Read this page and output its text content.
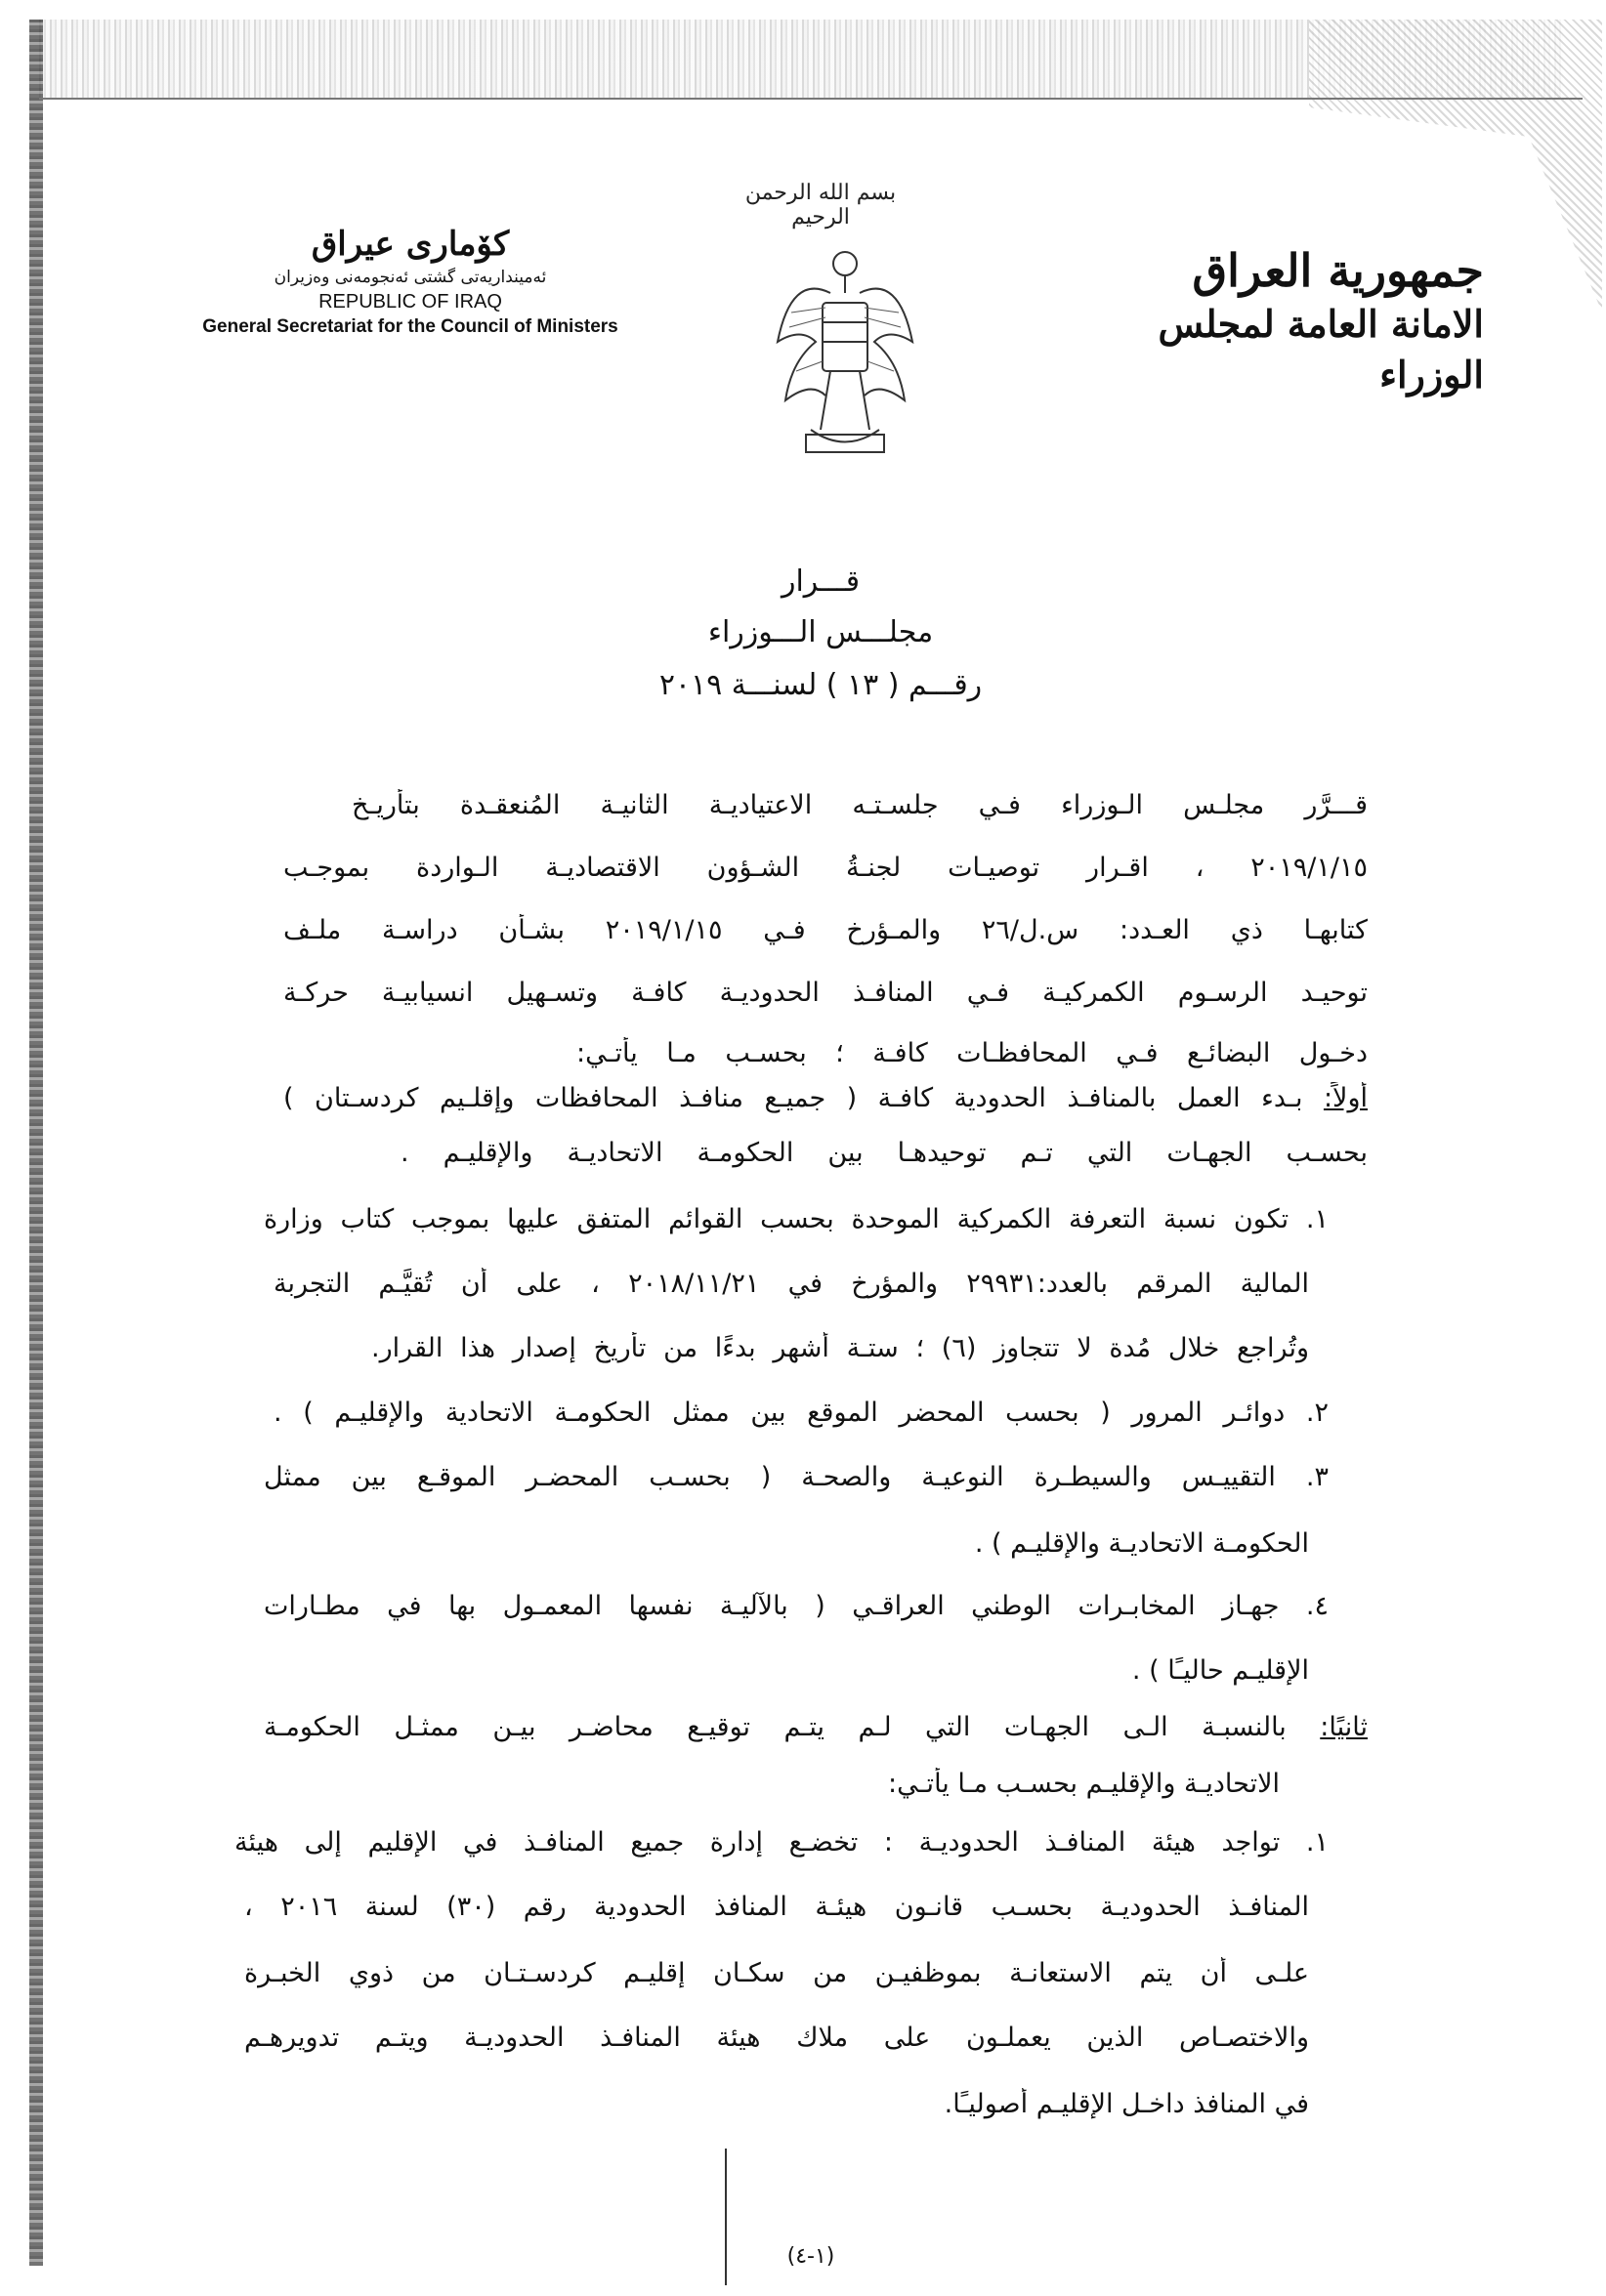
بسم الله الرحمن الرحيم
جمهورية العراق
الامانة العامة لمجلس الوزراء
كۆماری عیراق
ئەمینداریەتی گشتی ئەنجومەنی وەزیران
REPUBLIC OF IRAQ
General Secretariat for the Council of Ministers
قـــرار
مجلـــس الـــوزراء
رقـــم ( ١٣ ) لسنـــة ٢٠١٩
قـــرَّر مجلـس الـوزراء فـي جلسـتـه الاعتياديـة الثانيـة المُنعقـدة بتأريـخ
٢٠١٩/١/١٥ ، اقـرار توصيـات لجنـةُ الشـؤون الاقتصاديـة الـواردة بموجـب
كتابهـا ذي العـدد: س.ل/٢٦ والمـؤرخ فـي ٢٠١٩/١/١٥ بشـأن دراسـة ملـف
توحيـد الرسـوم الكمركيـة فـي المنافـذ الحدوديـة كافـة وتسـهيل انسيابيـة حركـة
دخـول البضائـع فـي المحافظـات كافـة ؛ بحسـب مـا يأتـي:
أولاً: بـدء العمل بالمنافـذ الحدودية كافـة ( جميـع منافـذ المحافظات وإقلـيم كردسـتان )
بحسـب الجهـات التي تـم توحيدهـا بين الحكومـة الاتحاديـة والإقليـم .
١. تكون نسبة التعرفة الكمركية الموحدة بحسب القوائم المتفق عليها بموجب كتاب وزارة
المالية المرقم بالعدد:٢٩٩٣١ والمؤرخ في ٢٠١٨/١١/٢١ ، على أن تُقيَّـم التجربة
وتُراجع خلال مُدة لا تتجاوز (٦) ؛ ستـة أشهر بدءًا من تأريخ إصدار هذا القرار.
٢. دوائـر المرور ( بحسب المحضر الموقع بين ممثل الحكومـة الاتحادية والإقليـم ) .
٣. التقييـس والسيطـرة النوعيـة والصحـة ( بحسـب المحضـر الموقـع بين ممثل
الحكومـة الاتحاديـة والإقليـم ) .
٤. جهـاز المخابـرات الوطني العراقـي ( بالآليـة نفسها المعمـول بها في مطـارات
الإقليـم حاليـًا ) .
ثانيًا: بالنسبـة الـى الجهـات التي لـم يتـم توقيـع محاضـر بيـن ممثـل الحكومـة
الاتحاديـة والإقليـم بحسـب مـا يأتـي:
١. تواجد هيئة المنافـذ الحدوديـة : تخضـع إدارة جميع المنافـذ في الإقليم إلى هيئة
المنافـذ الحدوديـة بحسـب قانـون هيئـة المنافذ الحدودية رقم (٣٠) لسنة ٢٠١٦ ،
علـى أن يتم الاستعانـة بموظفيـن من سكـان إقليـم كردسـتـان من ذوي الخبـرة
والاختصـاص الذين يعملـون على ملاك هيئة المنافـذ الحدوديـة ويتـم تدويرهـم
في المنافذ داخـل الإقليـم أصوليـًا.
(١-٤)
